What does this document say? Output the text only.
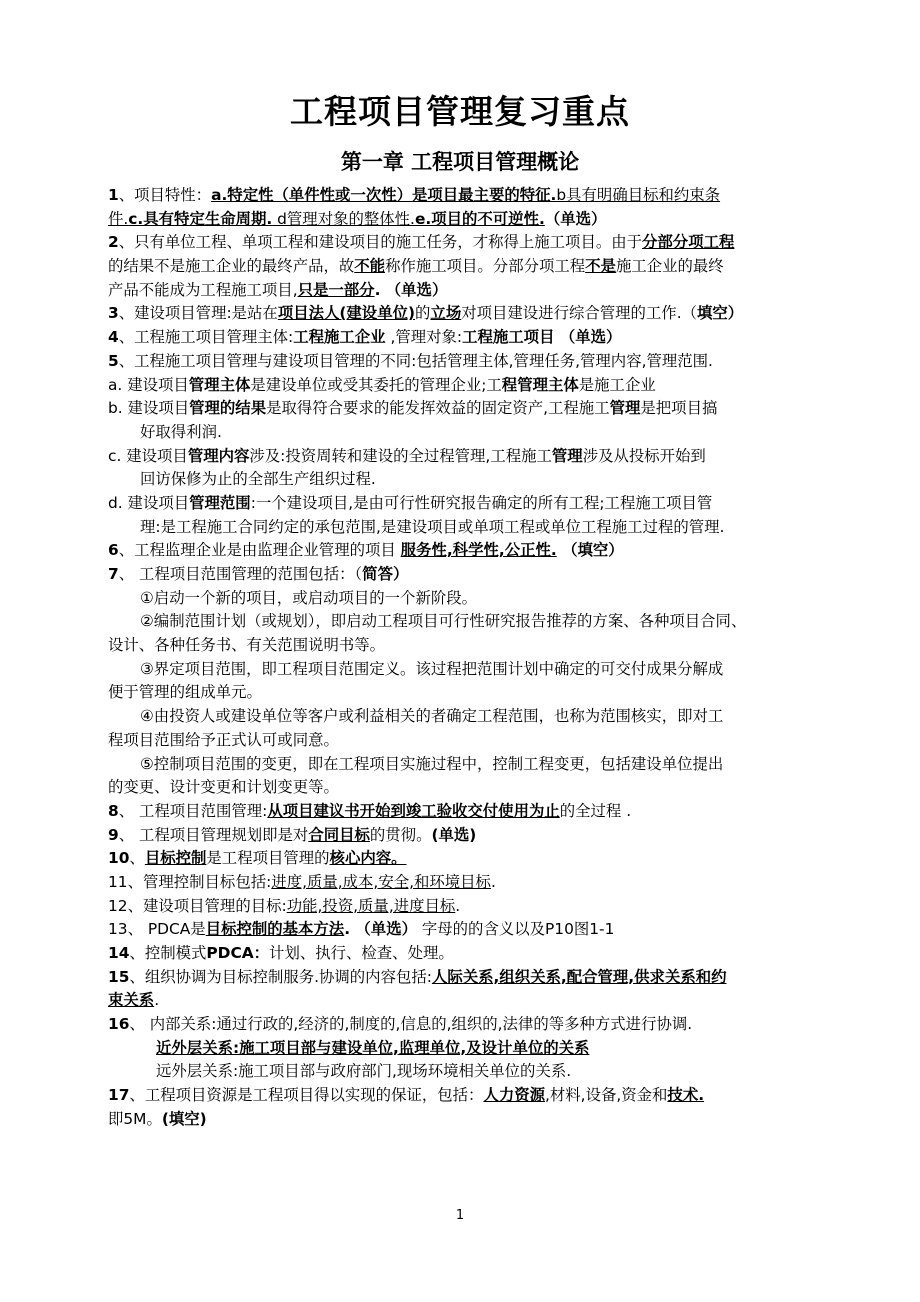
工程项目管理复习重点
第一章 工程项目管理概论
1、项目特性：a.特定性（单件性或一次性）是项目最主要的特征.b具有明确目标和约束条
件.c.具有特定生命周期. d管理对象的整体性.e.项目的不可逆性.（单选）
2、只有单位工程、单项工程和建设项目的施工任务，才称得上施工项目。由于分部分项工程
的结果不是施工企业的最终产品，故不能称作施工项目。分部分项工程不是施工企业的最终
产品不能成为工程施工项目,只是一部分. （单选）
3、建设项目管理:是站在项目法人(建设单位)的立场对项目建设进行综合管理的工作.（填空）
4、工程施工项目管理主体:工程施工企业 ,管理对象:工程施工项目 （单选）
5、工程施工项目管理与建设项目管理的不同:包括管理主体,管理任务,管理内容,管理范围.
a. 建设项目管理主体是建设单位或受其委托的管理企业;工程管理主体是施工企业
b. 建设项目管理的结果是取得符合要求的能发挥效益的固定资产,工程施工管理是把项目搞
好取得利润.
c. 建设项目管理内容涉及:投资周转和建设的全过程管理,工程施工管理涉及从投标开始到
回访保修为止的全部生产组织过程.
d. 建设项目管理范围:一个建设项目,是由可行性研究报告确定的所有工程;工程施工项目管
理:是工程施工合同约定的承包范围,是建设项目或单项工程或单位工程施工过程的管理.
6、工程监理企业是由监理企业管理的项目 服务性,科学性,公正性. （填空）
7、 工程项目范围管理的范围包括：（简答）
①启动一个新的项目，或启动项目的一个新阶段。
②编制范围计划（或规划），即启动工程项目可行性研究报告推荐的方案、各种项目合同、
设计、各种任务书、有关范围说明书等。
③界定项目范围，即工程项目范围定义。该过程把范围计划中确定的可交付成果分解成
便于管理的组成单元。
④由投资人或建设单位等客户或利益相关的者确定工程范围，也称为范围核实，即对工
程项目范围给予正式认可或同意。
⑤控制项目范围的变更，即在工程项目实施过程中，控制工程变更，包括建设单位提出
的变更、设计变更和计划变更等。
8、 工程项目范围管理:从项目建议书开始到竣工验收交付使用为止的全过程 .
9、 工程项目管理规划即是对合同目标的贯彻。(单选)
10、目标控制是工程项目管理的核心内容。
11、管理控制目标包括:进度,质量,成本,安全,和环境目标.
12、建设项目管理的目标:功能,投资,质量,进度目标.
13、 PDCA是目标控制的基本方法. （单选） 字母的的含义以及P10图1-1
14、控制模式PDCA：计划、执行、检查、处理。
15、组织协调为目标控制服务.协调的内容包括:人际关系,组织关系,配合管理,供求关系和约
束关系.
16、 内部关系:通过行政的,经济的,制度的,信息的,组织的,法律的等多种方式进行协调.
近外层关系:施工项目部与建设单位,监理单位,及设计单位的关系
远外层关系:施工项目部与政府部门,现场环境相关单位的关系.
17、工程项目资源是工程项目得以实现的保证，包括：人力资源,材料,设备,资金和技术.
即5M。(填空)
1
